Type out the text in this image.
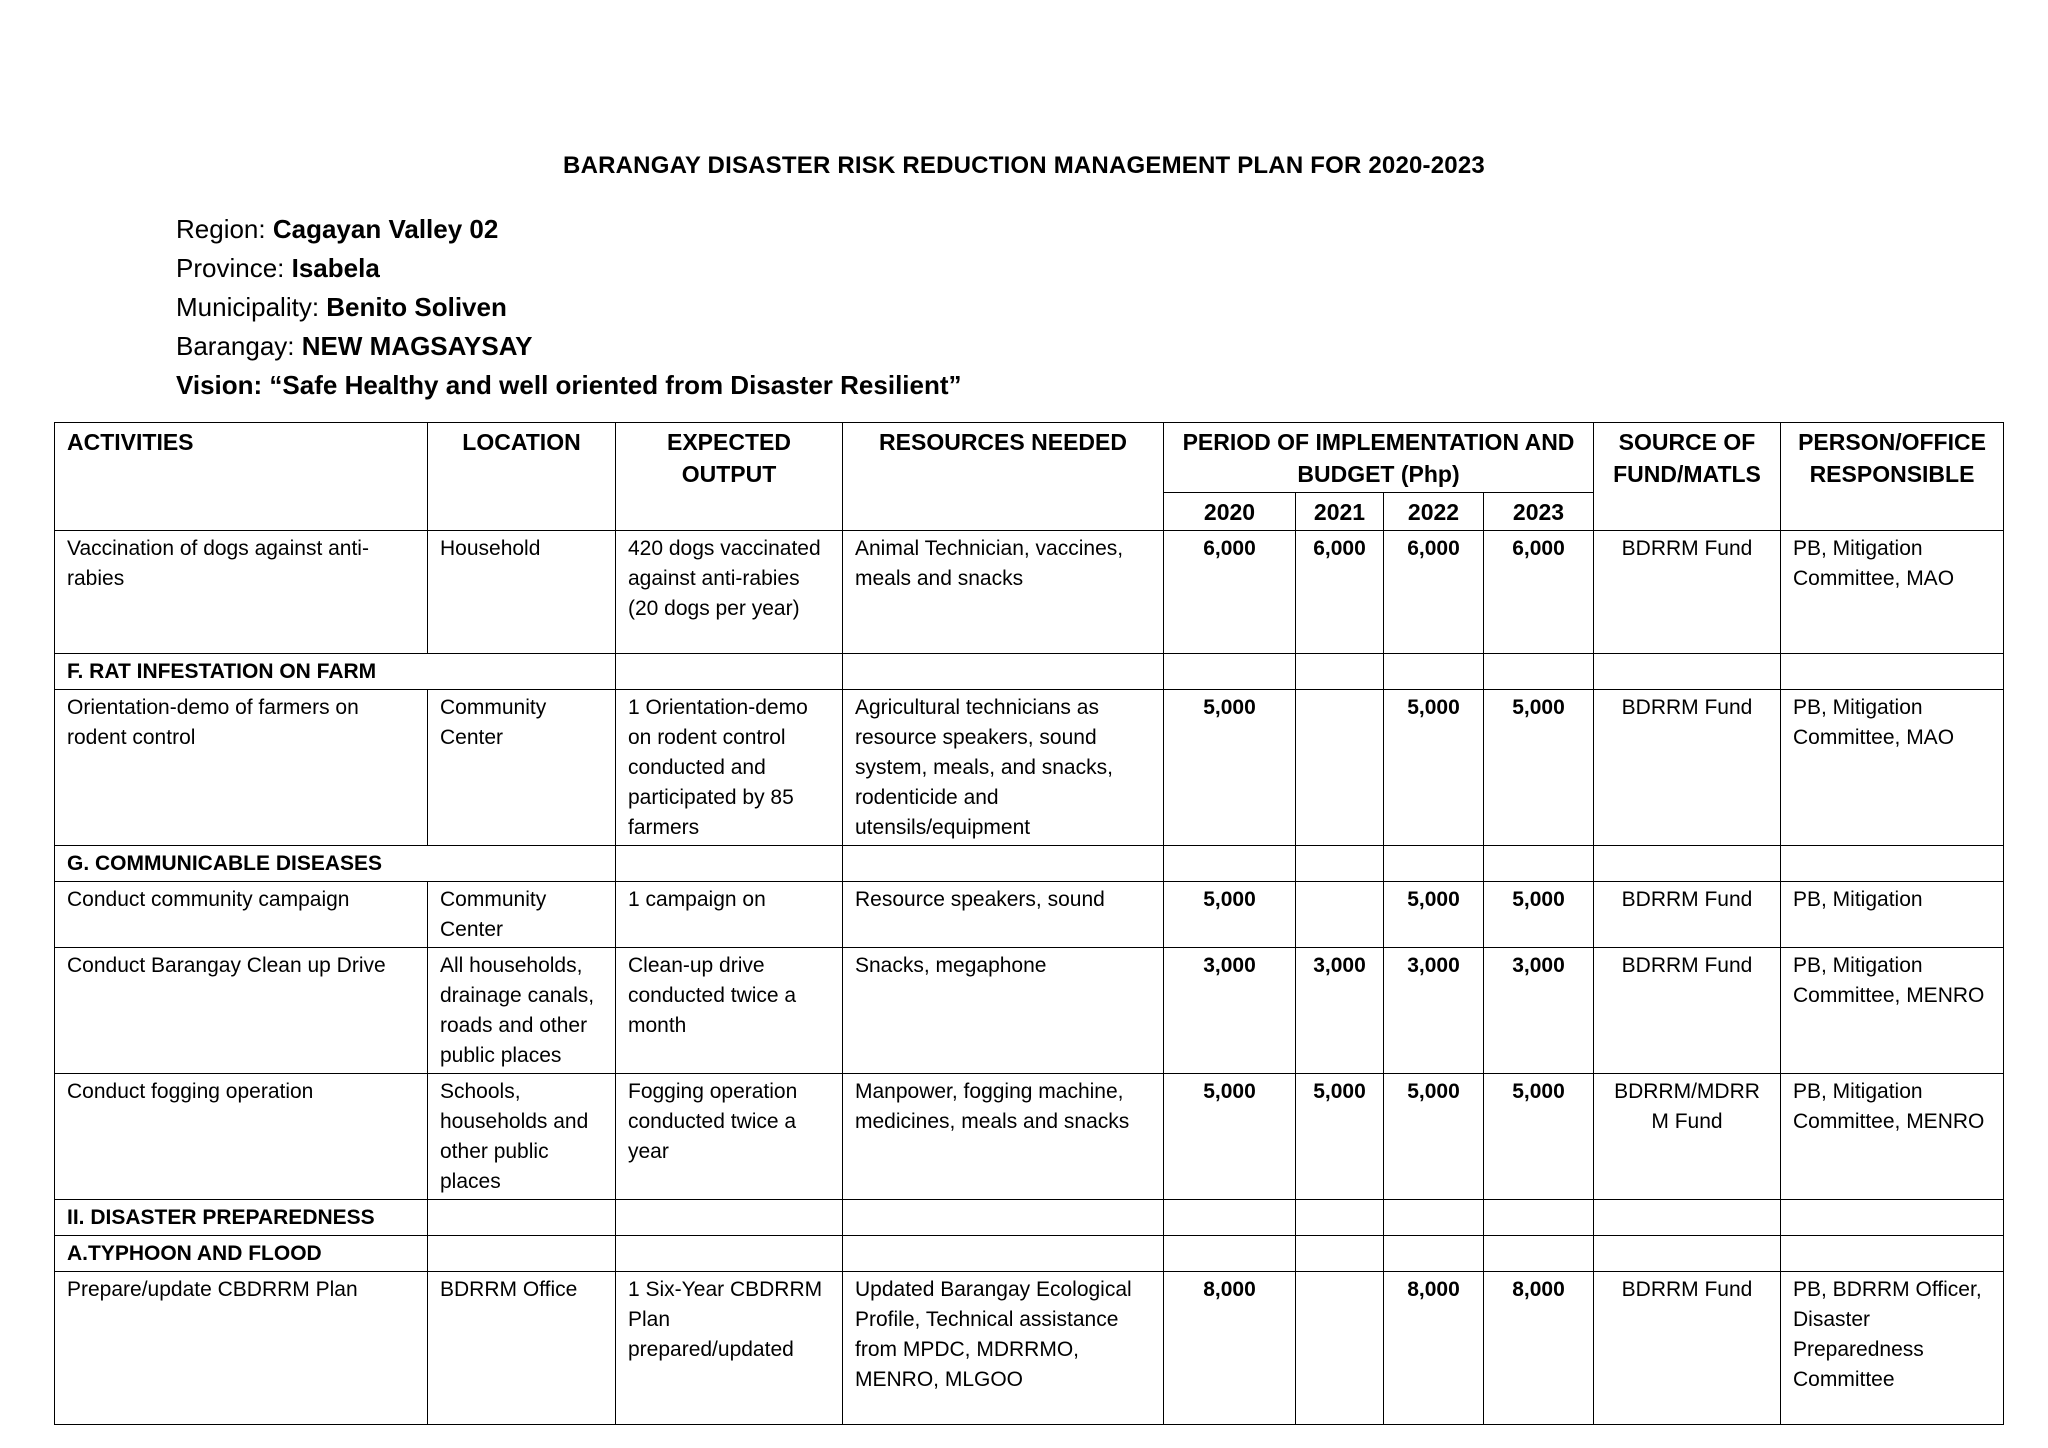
BARANGAY DISASTER RISK REDUCTION MANAGEMENT PLAN FOR 2020-2023
Region: Cagayan Valley 02
Province: Isabela
Municipality: Benito Soliven
Barangay: NEW MAGSAYSAY
Vision: “Safe Healthy and well oriented from Disaster Resilient”
ACTIVITIES	LOCATION	EXPECTED OUTPUT	RESOURCES NEEDED	PERIOD OF IMPLEMENTATION AND BUDGET (Php)				SOURCE OF FUND/MATLS	PERSON/OFFICE RESPONSIBLE
				2020	2021	2022	2023		
Vaccination of dogs against anti-rabies	Household	420 dogs vaccinated against anti-rabies (20 dogs per year)	Animal Technician, vaccines, meals and snacks	6,000	6,000	6,000	6,000	BDRRM Fund	PB, Mitigation Committee, MAO
F. RAT INFESTATION ON FARM									
Orientation-demo of farmers on rodent control	Community Center	1 Orientation-demo on rodent control conducted and participated by 85 farmers	Agricultural technicians as resource speakers, sound system, meals, and snacks, rodenticide and utensils/equipment	5,000		5,000	5,000	BDRRM Fund	PB, Mitigation Committee, MAO
G. COMMUNICABLE DISEASES									
Conduct community campaign	Community Center	1 campaign on	Resource speakers, sound	5,000		5,000	5,000	BDRRM Fund	PB, Mitigation
Conduct Barangay Clean up Drive	All households, drainage canals, roads and other public places	Clean-up drive conducted twice a month	Snacks, megaphone	3,000	3,000	3,000	3,000	BDRRM Fund	PB, Mitigation Committee, MENRO
Conduct fogging operation	Schools, households and other public places	Fogging operation conducted twice a year	Manpower, fogging machine, medicines, meals and snacks	5,000	5,000	5,000	5,000	BDRRM/MDRRM Fund	PB, Mitigation Committee, MENRO
II. DISASTER PREPAREDNESS									
A.TYPHOON AND FLOOD									
Prepare/update CBDRRM Plan	BDRRM Office	1 Six-Year CBDRRM Plan prepared/updated	Updated Barangay Ecological Profile, Technical assistance from MPDC, MDRRMO, MENRO, MLGOO	8,000		8,000	8,000	BDRRM Fund	PB, BDRRM Officer, Disaster Preparedness Committee
